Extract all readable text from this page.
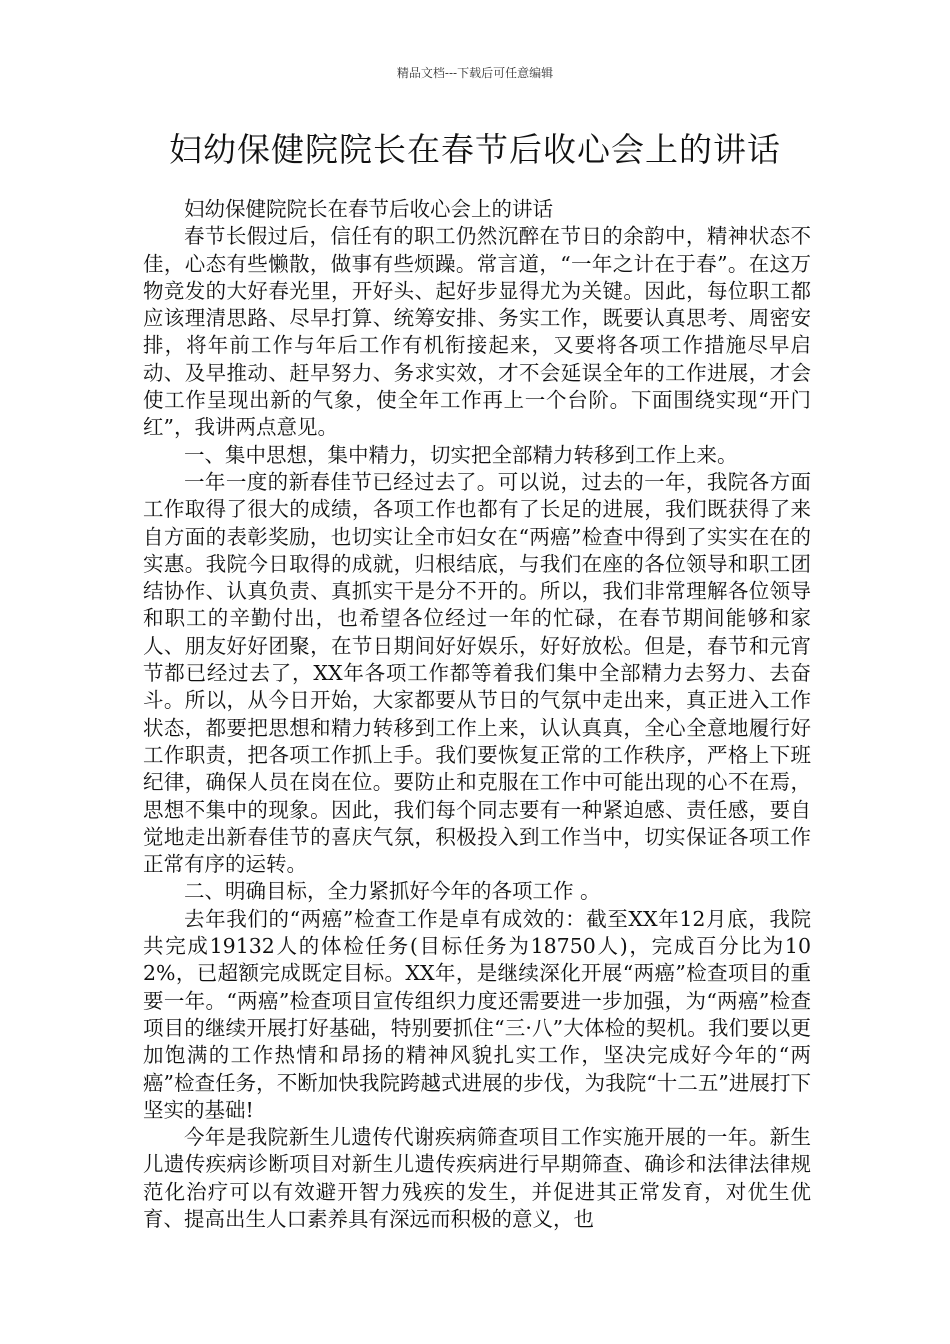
精品文档---下载后可任意编辑
妇幼保健院院长在春节后收心会上的讲话

妇幼保健院院长在春节后收心会上的讲话

春节长假过后，信任有的职工仍然沉醉在节日的余韵中，精神状态不佳，心态有些懒散，做事有些烦躁。常言道，“一年之计在于春”。在这万物竞发的大好春光里，开好头、起好步显得尤为关键。因此，每位职工都应该理清思路、尽早打算、统筹安排、务实工作，既要认真思考、周密安排，将年前工作与年后工作有机衔接起来，又要将各项工作措施尽早启动、及早推动、赶早努力、务求实效，才不会延误全年的工作进展，才会使工作呈现出新的气象，使全年工作再上一个台阶。下面围绕实现“开门红”，我讲两点意见。

一、集中思想，集中精力，切实把全部精力转移到工作上来。

一年一度的新春佳节已经过去了。可以说，过去的一年，我院各方面工作取得了很大的成绩，各项工作也都有了长足的进展，我们既获得了来自方面的表彰奖励，也切实让全市妇女在“两癌”检查中得到了实实在在的实惠。我院今日取得的成就，归根结底，与我们在座的各位领导和职工团结协作、认真负责、真抓实干是分不开的。所以，我们非常理解各位领导和职工的辛勤付出，也希望各位经过一年的忙碌，在春节期间能够和家人、朋友好好团聚，在节日期间好好娱乐，好好放松。但是，春节和元宵节都已经过去了，XX年各项工作都等着我们集中全部精力去努力、去奋斗。所以，从今日开始，大家都要从节日的气氛中走出来，真正进入工作状态，都要把思想和精力转移到工作上来，认认真真，全心全意地履行好工作职责，把各项工作抓上手。我们要恢复正常的工作秩序，严格上下班纪律，确保人员在岗在位。要防止和克服在工作中可能出现的心不在焉，思想不集中的现象。因此，我们每个同志要有一种紧迫感、责任感，要自觉地走出新春佳节的喜庆气氛，积极投入到工作当中，切实保证各项工作正常有序的运转。

二、明确目标，全力紧抓好今年的各项工作 。

去年我们的“两癌”检查工作是卓有成效的：截至XX年12月底，我院共完成19132人的体检任务(目标任务为18750人)，完成百分比为102%，已超额完成既定目标。XX年，是继续深化开展“两癌”检查项目的重要一年。“两癌”检查项目宣传组织力度还需要进一步加强，为“两癌”检查项目的继续开展打好基础，特别要抓住“三·八”大体检的契机。我们要以更加饱满的工作热情和昂扬的精神风貌扎实工作，坚决完成好今年的“两癌”检查任务，不断加快我院跨越式进展的步伐，为我院“十二五”进展打下坚实的基础!

今年是我院新生儿遗传代谢疾病筛查项目工作实施开展的一年。新生儿遗传疾病诊断项目对新生儿遗传疾病进行早期筛查、确诊和法律法律规范化治疗可以有效避开智力残疾的发生，并促进其正常发育，对优生优育、提高出生人口素养具有深远而积极的意义，也
